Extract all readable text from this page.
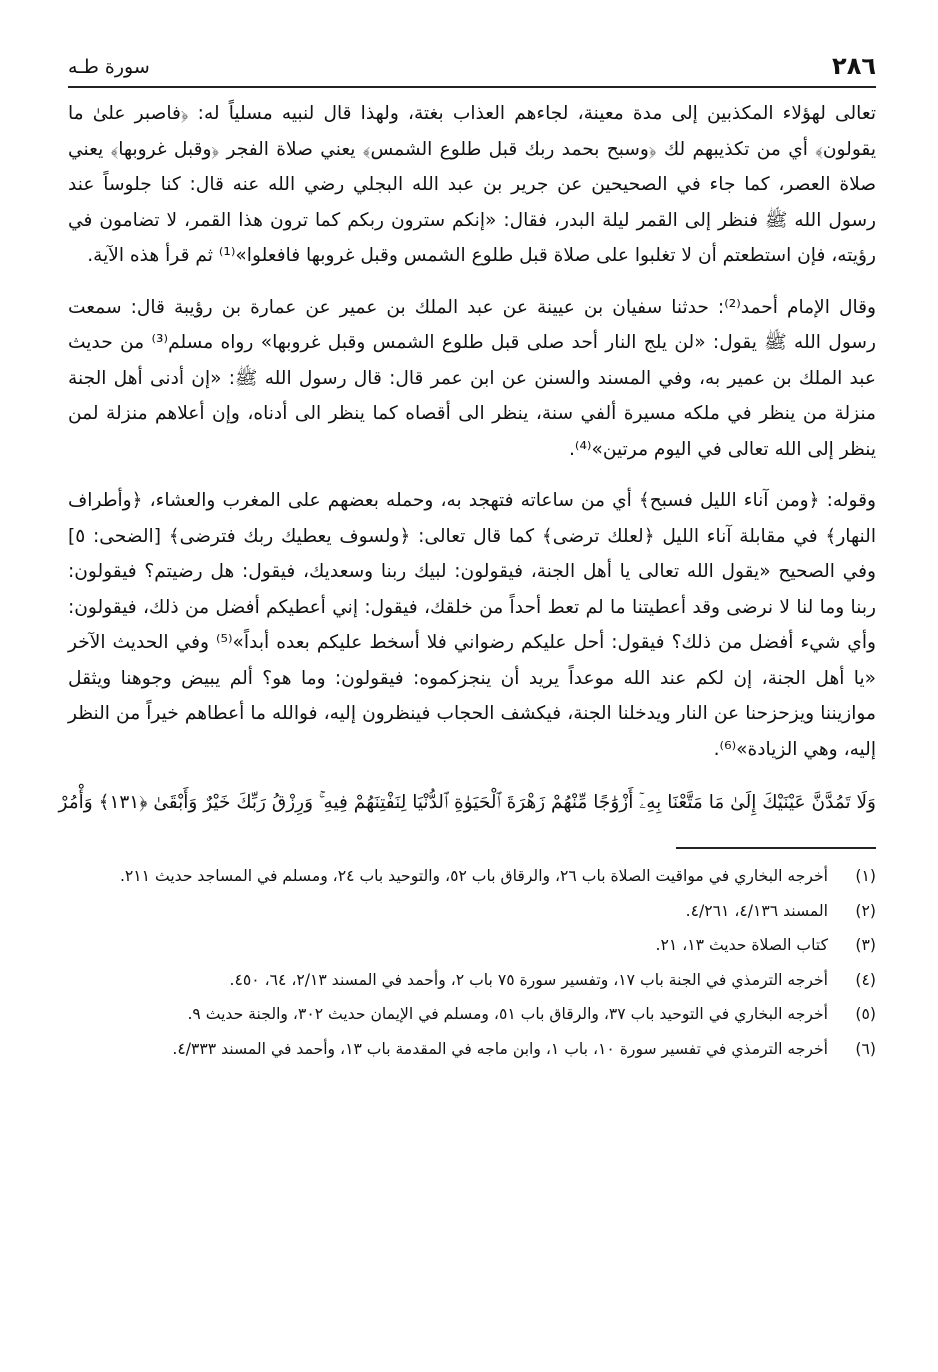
٢٨٦
سورة طـه

تعالى لهؤلاء المكذبين إلى مدة معينة، لجاءهم العذاب بغتة، ولهذا قال لنبيه مسلياً له: ﴿فاصبر علىٰ ما يقولون﴾ أي من تكذيبهم لك ﴿وسبح بحمد ربك قبل طلوع الشمس﴾ يعني صلاة الفجر ﴿وقبل غروبها﴾ يعني صلاة العصر، كما جاء في الصحيحين عن جرير بن عبد الله البجلي رضي الله عنه قال: كنا جلوساً عند رسول الله ﷺ فنظر إلى القمر ليلة البدر، فقال: «إنكم سترون ربكم كما ترون هذا القمر، لا تضامون في رؤيته، فإن استطعتم أن لا تغلبوا على صلاة قبل طلوع الشمس وقبل غروبها فافعلوا»⁽¹⁾ ثم قرأ هذه الآية.

وقال الإمام أحمد⁽²⁾: حدثنا سفيان بن عيينة عن عبد الملك بن عمير عن عمارة بن رؤيبة قال: سمعت رسول الله ﷺ يقول: «لن يلج النار أحد صلى قبل طلوع الشمس وقبل غروبها» رواه مسلم⁽³⁾ من حديث عبد الملك بن عمير به، وفي المسند والسنن عن ابن عمر قال: قال رسول الله ﷺ: «إن أدنى أهل الجنة منزلة من ينظر في ملكه مسيرة ألفي سنة، ينظر الى أقصاه كما ينظر الى أدناه، وإن أعلاهم منزلة لمن ينظر إلى الله تعالى في اليوم مرتين»⁽⁴⁾.

وقوله: ﴿ومن آناء الليل فسبح﴾ أي من ساعاته فتهجد به، وحمله بعضهم على المغرب والعشاء، ﴿وأطراف النهار﴾ في مقابلة آناء الليل ﴿لعلك ترضى﴾ كما قال تعالى: ﴿ولسوف يعطيك ربك فترضى﴾ [الضحى: ٥] وفي الصحيح «يقول الله تعالى يا أهل الجنة، فيقولون: لبيك ربنا وسعديك، فيقول: هل رضيتم؟ فيقولون: ربنا وما لنا لا نرضى وقد أعطيتنا ما لم تعط أحداً من خلقك، فيقول: إني أعطيكم أفضل من ذلك، فيقولون: وأي شيء أفضل من ذلك؟ فيقول: أحل عليكم رضواني فلا أسخط عليكم بعده أبداً»⁽⁵⁾ وفي الحديث الآخر «يا أهل الجنة، إن لكم عند الله موعداً يريد أن ينجزكموه: فيقولون: وما هو؟ ألم يبيض وجوهنا ويثقل موازيننا ويزحزحنا عن النار ويدخلنا الجنة، فيكشف الحجاب فينظرون إليه، فوالله ما أعطاهم خيراً من النظر إليه، وهي الزيادة»⁽⁶⁾.

وَلَا تَمُدَّنَّ عَيْنَيْكَ إِلَىٰ مَا مَتَّعْنَا بِهِۦٓ أَزْوَٰجًا مِّنْهُمْ زَهْرَةَ ٱلْحَيَوٰةِ ٱلدُّنْيَا لِنَفْتِنَهُمْ فِيهِ ۚ وَرِزْقُ رَبِّكَ خَيْرٌ وَأَبْقَىٰ ﴿١٣١﴾ وَأْمُرْ
(١)
أخرجه البخاري في مواقيت الصلاة باب ٢٦، والرقاق باب ٥٢، والتوحيد باب ٢٤، ومسلم في المساجد حديث ٢١١.
(٢)
المسند ٤/١٣٦، ٤/٢٦١.
(٣)
كتاب الصلاة حديث ١٣، ٢١.
(٤)
أخرجه الترمذي في الجنة باب ١٧، وتفسير سورة ٧٥ باب ٢، وأحمد في المسند ٢/١٣، ٦٤، ٤٥٠.
(٥)
أخرجه البخاري في التوحيد باب ٣٧، والرقاق باب ٥١، ومسلم في الإيمان حديث ٣٠٢، والجنة حديث ٩.
(٦)
أخرجه الترمذي في تفسير سورة ١٠، باب ١، وابن ماجه في المقدمة باب ١٣، وأحمد في المسند ٤/٣٣٣.
